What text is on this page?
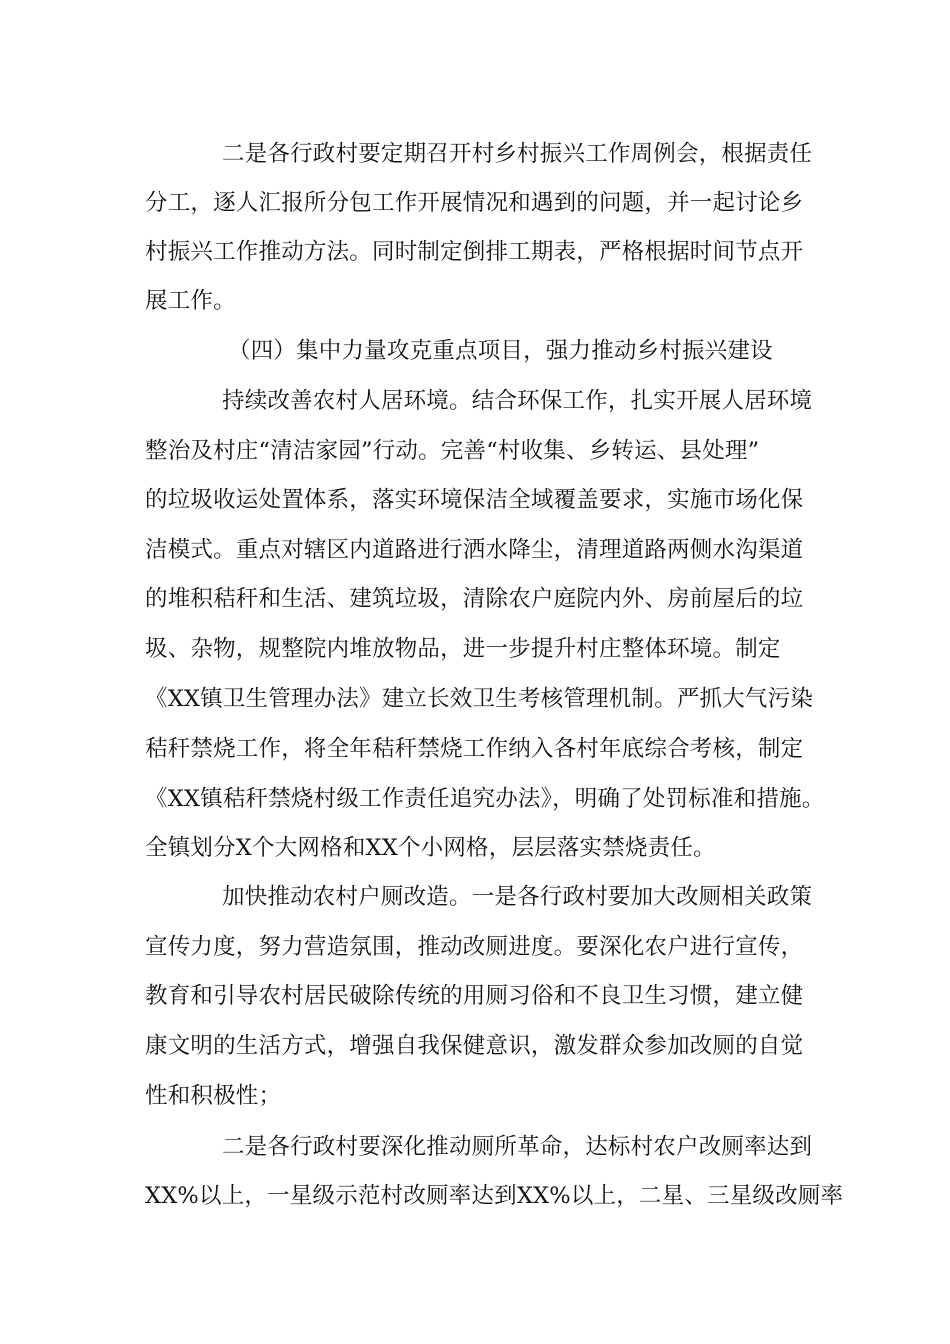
二是各行政村要定期召开村乡村振兴工作周例会，根据责任
分工，逐人汇报所分包工作开展情况和遇到的问题，并一起讨论乡
村振兴工作推动方法。同时制定倒排工期表，严格根据时间节点开
展工作。
（四）集中力量攻克重点项目，强力推动乡村振兴建设
持续改善农村人居环境。结合环保工作，扎实开展人居环境
整治及村庄“清洁家园”行动。完善“村收集、乡转运、县处理”
的垃圾收运处置体系，落实环境保洁全域覆盖要求，实施市场化保
洁模式。重点对辖区内道路进行洒水降尘，清理道路两侧水沟渠道
的堆积秸秆和生活、建筑垃圾，清除农户庭院内外、房前屋后的垃
圾、杂物，规整院内堆放物品，进一步提升村庄整体环境。制定
《XX镇卫生管理办法》建立长效卫生考核管理机制。严抓大气污染
秸秆禁烧工作，将全年秸秆禁烧工作纳入各村年底综合考核，制定
《XX镇秸秆禁烧村级工作责任追究办法》，明确了处罚标准和措施。
全镇划分X个大网格和XX个小网格，层层落实禁烧责任。
加快推动农村户厕改造。一是各行政村要加大改厕相关政策
宣传力度，努力营造氛围，推动改厕进度。要深化农户进行宣传，
教育和引导农村居民破除传统的用厕习俗和不良卫生习惯，建立健
康文明的生活方式，增强自我保健意识，激发群众参加改厕的自觉
性和积极性；
二是各行政村要深化推动厕所革命，达标村农户改厕率达到
XX%以上，一星级示范村改厕率达到XX%以上，二星、三星级改厕率
